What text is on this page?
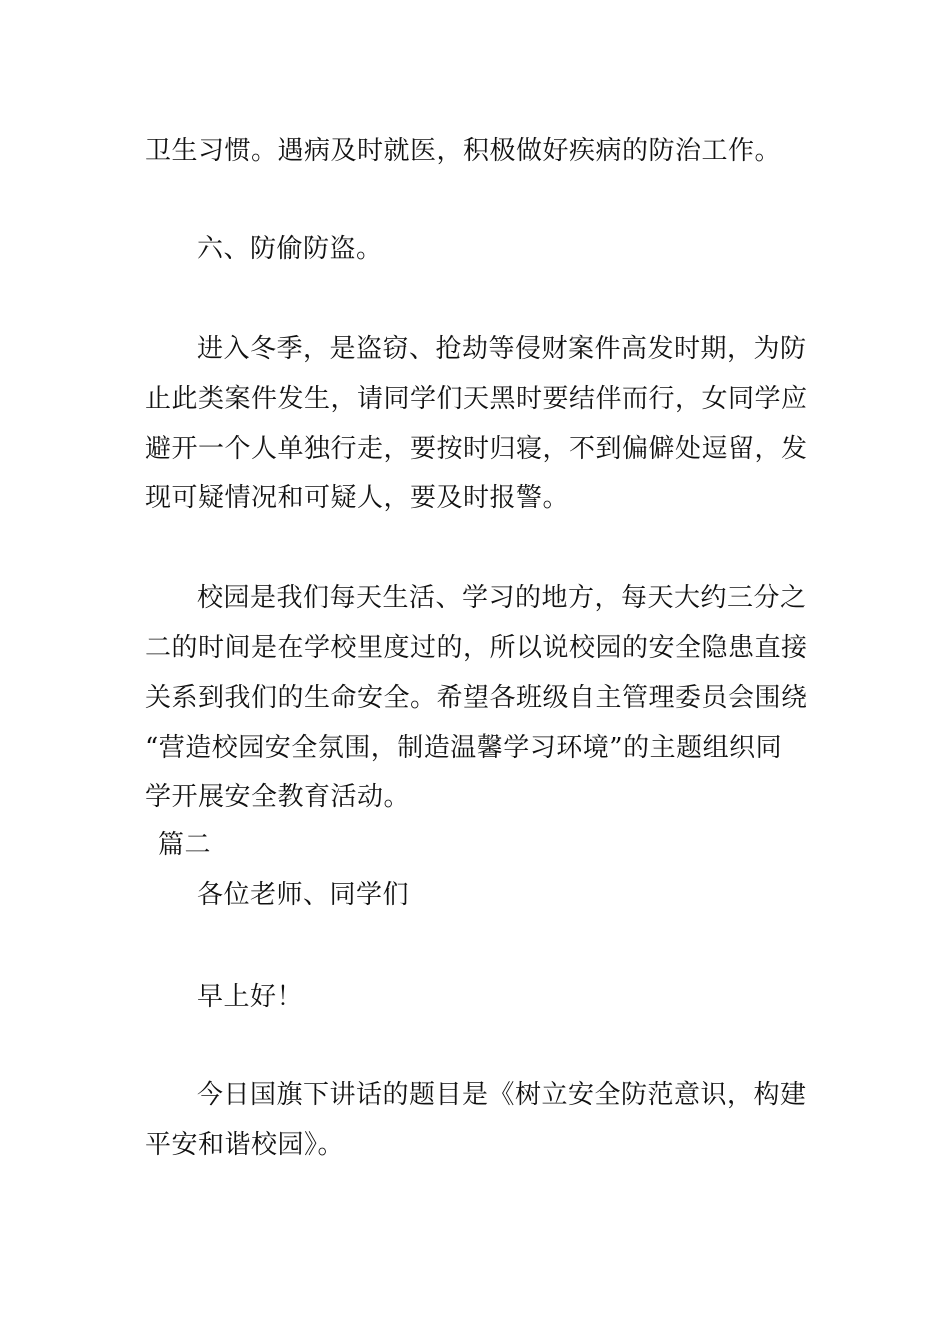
卫生习惯。遇病及时就医，积极做好疾病的防治工作。
六、防偷防盗。
进入冬季，是盗窃、抢劫等侵财案件高发时期，为防
止此类案件发生，请同学们天黑时要结伴而行，女同学应
避开一个人单独行走，要按时归寝，不到偏僻处逗留，发
现可疑情况和可疑人，要及时报警。
校园是我们每天生活、学习的地方，每天大约三分之
二的时间是在学校里度过的，所以说校园的安全隐患直接
关系到我们的生命安全。希望各班级自主管理委员会围绕
“营造校园安全氛围，制造温馨学习环境”的主题组织同
学开展安全教育活动。
篇二
各位老师、同学们
早上好！
今日国旗下讲话的题目是《树立安全防范意识，构建
平安和谐校园》。
